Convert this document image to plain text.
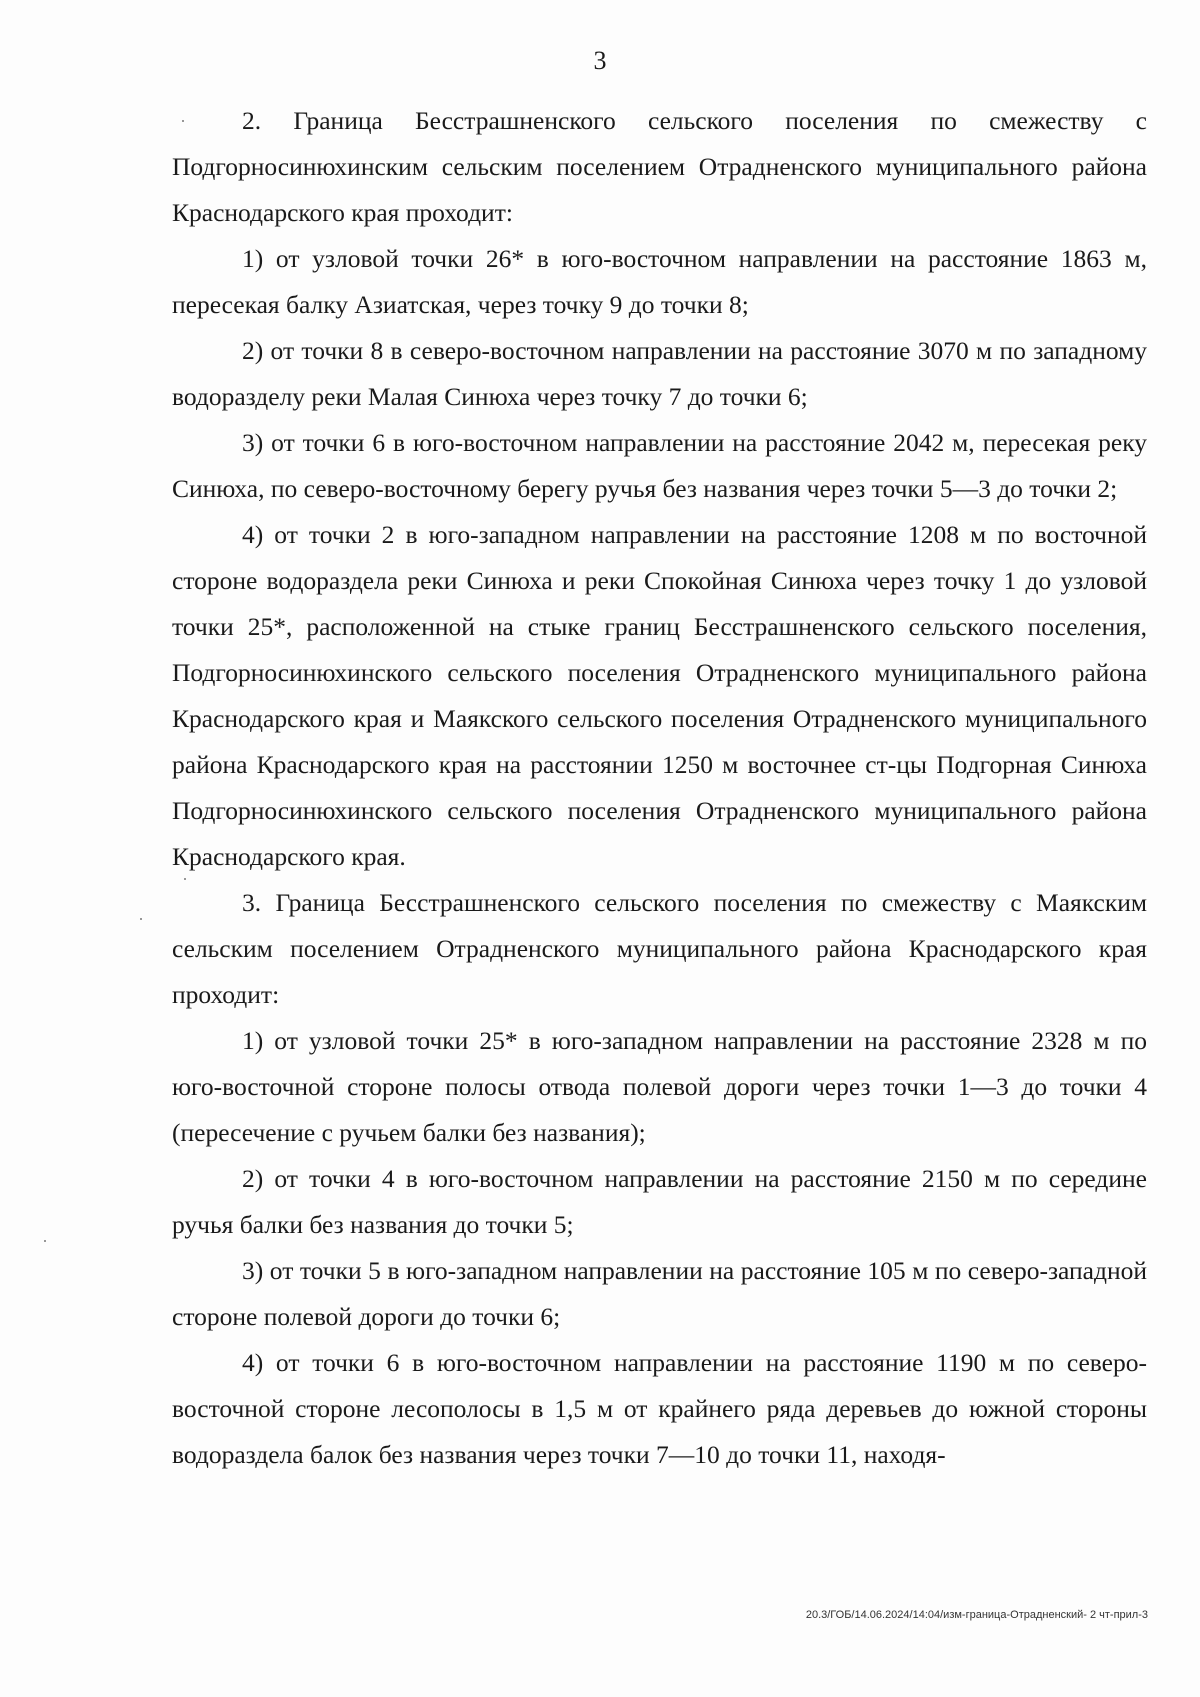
3

2. Граница Бесстрашненского сельского поселения по смежеству с Подгорносинюхинским сельским поселением Отрадненского муниципального района Краснодарского края проходит:

1) от узловой точки 26* в юго-восточном направлении на расстояние 1863 м, пересекая балку Азиатская, через точку 9 до точки 8;

2) от точки 8 в северо-восточном направлении на расстояние 3070 м по западному водоразделу реки Малая Синюха через точку 7 до точки 6;

3) от точки 6 в юго-восточном направлении на расстояние 2042 м, пересекая реку Синюха, по северо-восточному берегу ручья без названия через точки 5—3 до точки 2;

4) от точки 2 в юго-западном направлении на расстояние 1208 м по восточной стороне водораздела реки Синюха и реки Спокойная Синюха через точку 1 до узловой точки 25*, расположенной на стыке границ Бесстрашненского сельского поселения, Подгорносинюхинского сельского поселения Отрадненского муниципального района Краснодарского края и Маякского сельского поселения Отрадненского муниципального района Краснодарского края на расстоянии 1250 м восточнее ст-цы Подгорная Синюха Подгорносинюхинского сельского поселения Отрадненского муниципального района Краснодарского края.

3. Граница Бесстрашненского сельского поселения по смежеству с Маякским сельским поселением Отрадненского муниципального района Краснодарского края проходит:

1) от узловой точки 25* в юго-западном направлении на расстояние 2328 м по юго-восточной стороне полосы отвода полевой дороги через точки 1—3 до точки 4 (пересечение с ручьем балки без названия);

2) от точки 4 в юго-восточном направлении на расстояние 2150 м по середине ручья балки без названия до точки 5;

3) от точки 5 в юго-западном направлении на расстояние 105 м по северо-западной стороне полевой дороги до точки 6;

4) от точки 6 в юго-восточном направлении на расстояние 1190 м по северо-восточной стороне лесополосы в 1,5 м от крайнего ряда деревьев до южной стороны водораздела балок без названия через точки 7—10 до точки 11, находя-

20.3/ГОБ/14.06.2024/14:04/изм-граница-Отрадненский- 2 чт-прил-3
